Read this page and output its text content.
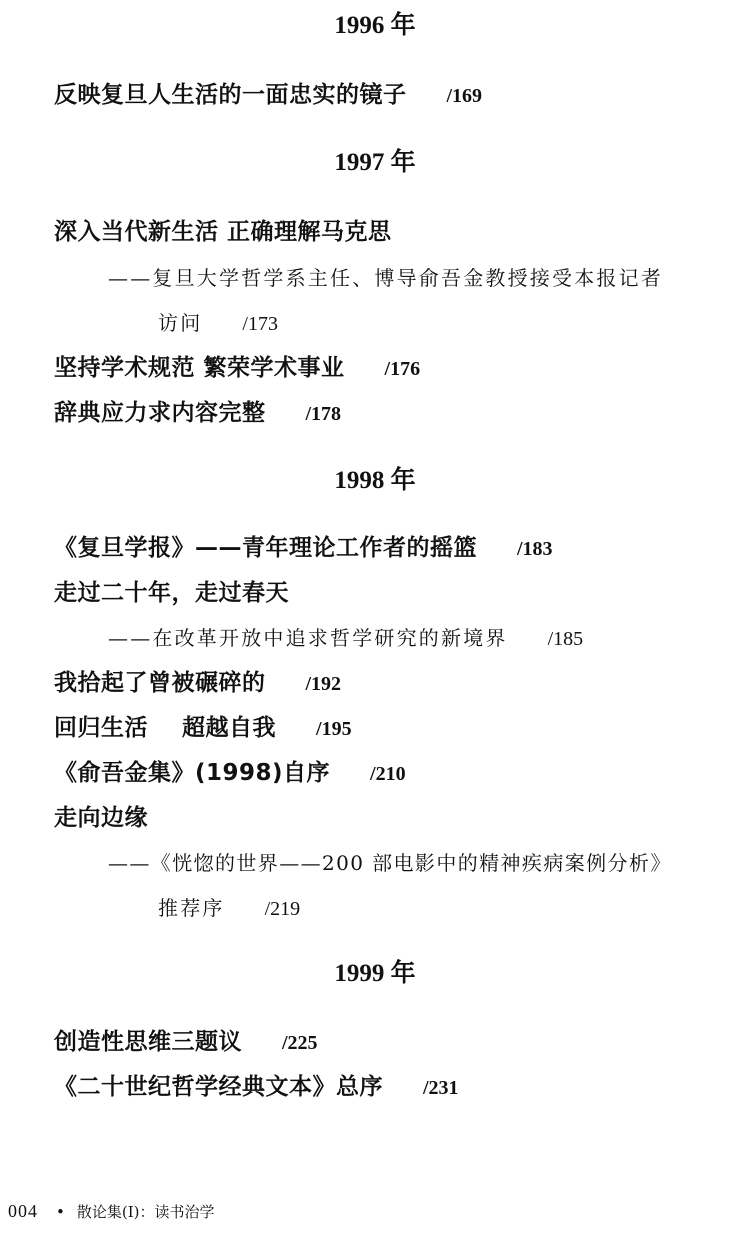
1996 年
反映复旦人生活的一面忠实的镜子 /169
1997 年
深入当代新生活 正确理解马克思
——复旦大学哲学系主任、博导俞吾金教授接受本报记者
访问 /173
坚持学术规范 繁荣学术事业 /176
辞典应力求内容完整 /178
1998 年
《复旦学报》——青年理论工作者的摇篮 /183
走过二十年，走过春天
——在改革开放中追求哲学研究的新境界 /185
我拾起了曾被碾碎的 /192
回归生活    超越自我 /195
《俞吾金集》(1998)自序 /210
走向边缘
——《恍惚的世界——200 部电影中的精神疾病案例分析》
推荐序 /219
1999 年
创造性思维三题议 /225
《二十世纪哲学经典文本》总序 /231
004 • 散论集(Ⅰ)：读书治学
